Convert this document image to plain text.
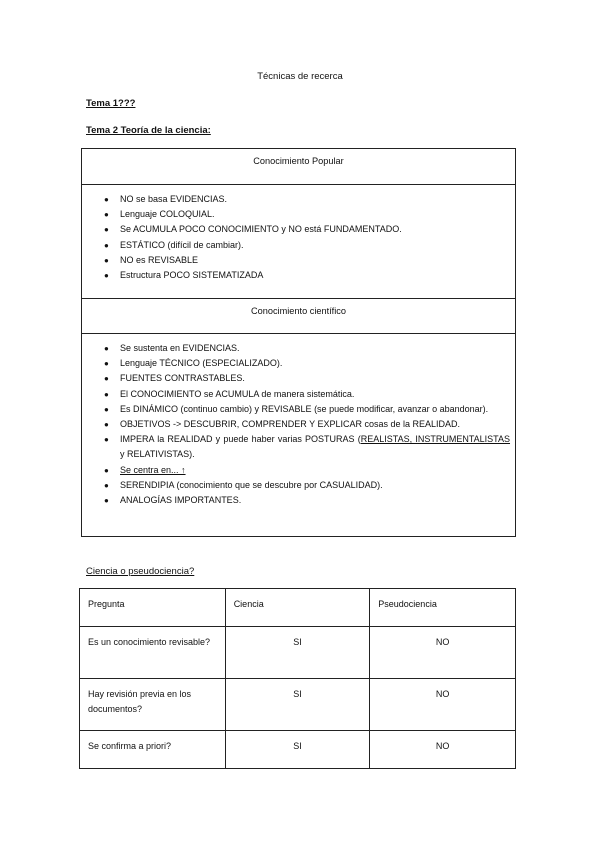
Técnicas de recerca
Tema 1???
Tema 2 Teoría de la ciencia:
Conocimiento Popular
● NO se basa EVIDENCIAS.
● Lenguaje COLOQUIAL.
● Se ACUMULA POCO CONOCIMIENTO y NO está FUNDAMENTADO.
● ESTÁTICO (difícil de cambiar).
● NO es REVISABLE
● Estructura POCO SISTEMATIZADA
Conocimiento científico
● Se sustenta en EVIDENCIAS.
● Lenguaje TÉCNICO (ESPECIALIZADO).
● FUENTES CONTRASTABLES.
● El CONOCIMIENTO se ACUMULA de manera sistemática.
● Es DINÁMICO (continuo cambio) y REVISABLE (se puede modificar, avanzar o abandonar).
● OBJETIVOS -> DESCUBRIR, COMPRENDER Y EXPLICAR cosas de la REALIDAD.
● IMPERA la REALIDAD y puede haber varias POSTURAS (REALISTAS, INSTRUMENTALISTAS y RELATIVISTAS).
● Se centra en... ↑
● SERENDIPIA (conocimiento que se descubre por CASUALIDAD).
● ANALOGÍAS IMPORTANTES.
Ciencia o pseudociencia?
Pregunta	Ciencia	Pseudociencia
Es un conocimiento revisable?	SI	NO
Hay revisión previa en los documentos?	SI	NO
Se confirma a priori?	SI	NO
